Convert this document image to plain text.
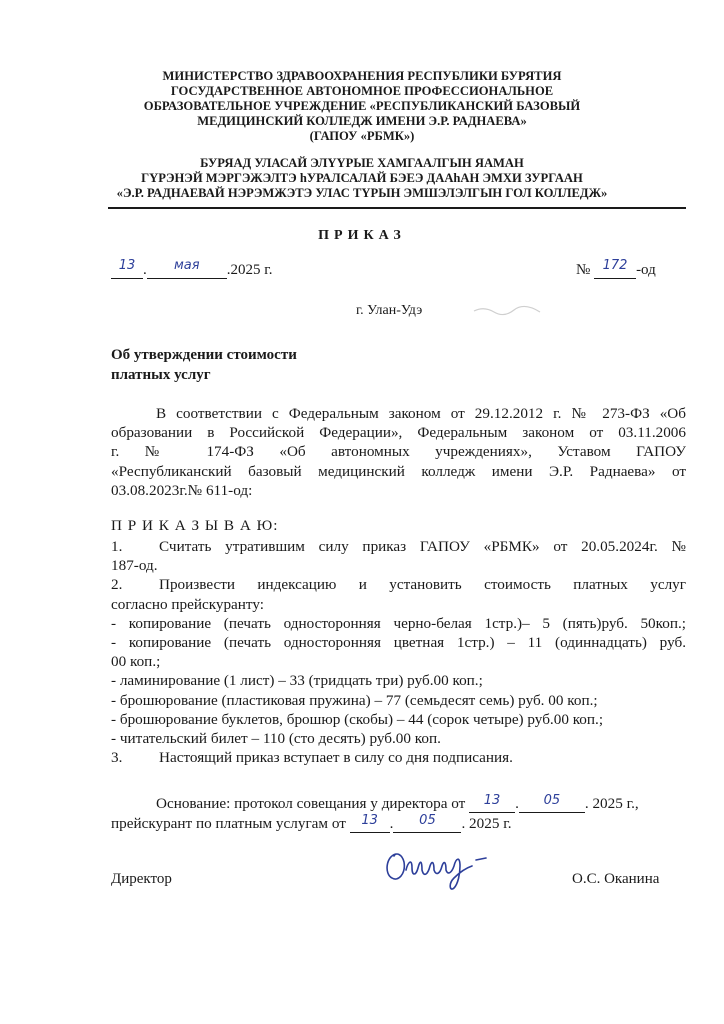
МИНИСТЕРСТВО ЗДРАВООХРАНЕНИЯ РЕСПУБЛИКИ БУРЯТИЯ
ГОСУДАРСТВЕННОЕ АВТОНОМНОЕ ПРОФЕССИОНАЛЬНОЕ
ОБРАЗОВАТЕЛЬНОЕ УЧРЕЖДЕНИЕ «РЕСПУБЛИКАНСКИЙ БАЗОВЫЙ
МЕДИЦИНСКИЙ КОЛЛЕДЖ ИМЕНИ Э.Р. РАДНАЕВА»
(ГАПОУ «РБМК»)
БУРЯАД УЛАСАЙ ЭЛYYРЫЕ ХАМГААЛГЫН ЯАМАН
ГYРЭНЭЙ МЭРГЭЖЭЛТЭ hУРАЛСАЛАЙ БЭЕЭ ДААhАН ЭМХИ ЗУРГААН
«Э.Р. РАДНАЕВАЙ НЭРЭМЖЭТЭ УЛАС ТYРЫН ЭМШЭЛЭЛГЫН ГОЛ КОЛЛЕДЖ»
ПРИКАЗ
13 . мая .2025 г.	№ 172 -од
г. Улан-Удэ
Об утверждении стоимости
платных услуг
В соответствии с Федеральным законом от 29.12.2012 г. № 273-ФЗ «Об
образовании в Российской Федерации», Федеральным законом от 03.11.2006
г. № 174-ФЗ «Об автономных учреждениях», Уставом ГАПОУ
«Республиканский базовый медицинский колледж имени Э.Р. Раднаева» от
03.08.2023г.№ 611-од:
П Р И К А З Ы В А Ю:
1. Считать утратившим силу приказ ГАПОУ «РБМК» от 20.05.2024г. №
187-од.
2. Произвести индексацию и установить стоимость платных услуг
согласно прейскуранту:
- копирование (печать односторонняя черно-белая 1стр.)– 5 (пять)руб. 50коп.;
- копирование (печать односторонняя цветная 1стр.) – 11 (одиннадцать) руб.
00 коп.;
- ламинирование (1 лист) – 33 (тридцать три) руб.00 коп.;
- брошюрование (пластиковая пружина) – 77 (семьдесят семь) руб. 00 коп.;
- брошюрование буклетов, брошюр (скобы) – 44 (сорок четыре) руб.00 коп.;
- читательский билет – 110 (сто десять) руб.00 коп.
3. Настоящий приказ вступает в силу со дня подписания.
Основание: протокол совещания у директора от 13 . 05 . 2025 г.,
прейскурант по платным услугам от 13 . 05 . 2025 г.
Директор	О.С. Оканина
